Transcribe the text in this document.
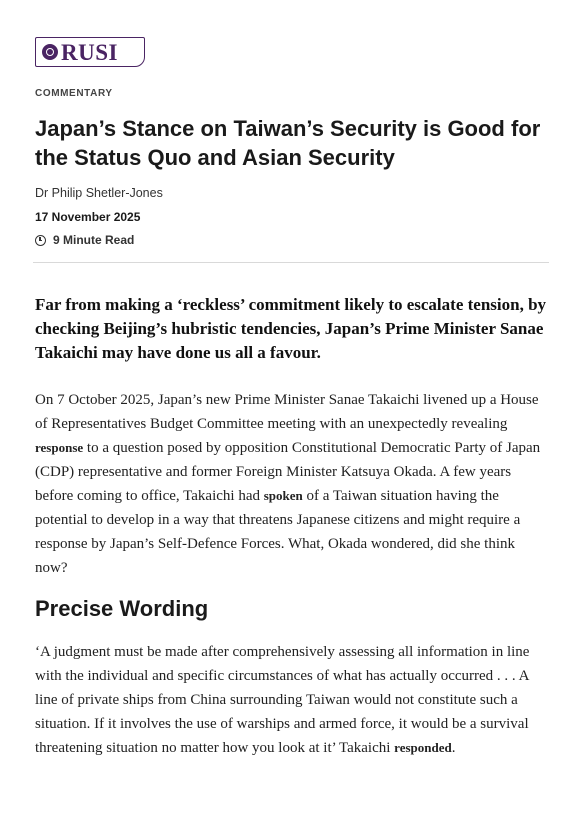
RUSI
COMMENTARY
Japan’s Stance on Taiwan’s Security is Good for the Status Quo and Asian Security
Dr Philip Shetler-Jones
17 November 2025
9 Minute Read

Far from making a ‘reckless’ commitment likely to escalate tension, by checking Beijing’s hubristic tendencies, Japan’s Prime Minister Sanae Takaichi may have done us all a favour.

On 7 October 2025, Japan’s new Prime Minister Sanae Takaichi livened up a House of Representatives Budget Committee meeting with an unexpectedly revealing response to a question posed by opposition Constitutional Democratic Party of Japan (CDP) representative and former Foreign Minister Katsuya Okada. A few years before coming to office, Takaichi had spoken of a Taiwan situation having the potential to develop in a way that threatens Japanese citizens and might require a response by Japan’s Self-Defence Forces. What, Okada wondered, did she think now?

Precise Wording

‘A judgment must be made after comprehensively assessing all information in line with the individual and specific circumstances of what has actually occurred . . . A line of private ships from China surrounding Taiwan would not constitute such a situation. If it involves the use of warships and armed force, it would be a survival threatening situation no matter how you look at it’ Takaichi responded.
